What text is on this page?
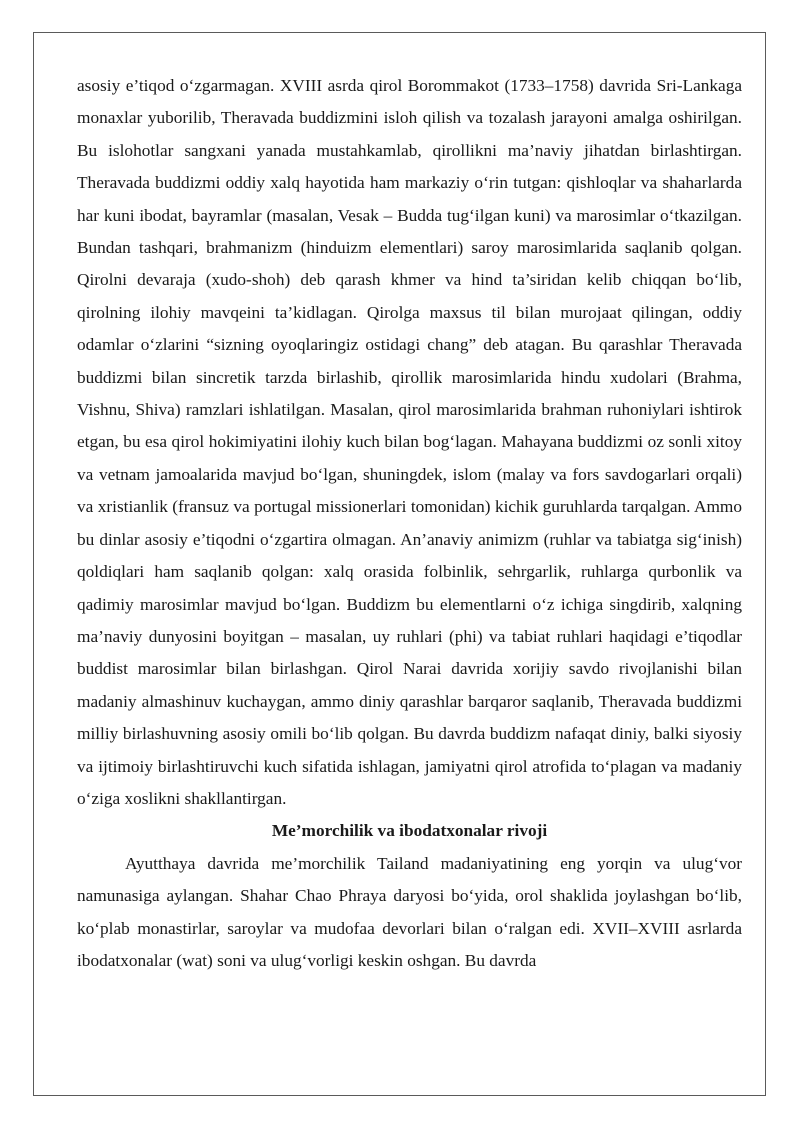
asosiy e’tiqod o‘zgarmagan. XVIII asrda qirol Borommakot (1733–1758) davrida Sri-Lankaga monaxlar yuborilib, Theravada buddizmini isloh qilish va tozalash jarayoni amalga oshirilgan. Bu islohotlar sangxani yanada mustahkamlab, qirollikni ma’naviy jihatdan birlashtirgan. Theravada buddizmi oddiy xalq hayotida ham markaziy o‘rin tutgan: qishloqlar va shaharlarda har kuni ibodat, bayramlar (masalan, Vesak – Budda tug‘ilgan kuni) va marosimlar o‘tkazilgan. Bundan tashqari, brahmanizm (hinduizm elementlari) saroy marosimlarida saqlanib qolgan. Qirolni devaraja (xudo-shoh) deb qarash khmer va hind ta’siridan kelib chiqqan bo‘lib, qirolning ilohiy mavqeini ta’kidlagan. Qirolga maxsus til bilan murojaat qilingan, oddiy odamlar o‘zlarini “sizning oyoqlaringiz ostidagi chang” deb atagan. Bu qarashlar Theravada buddizmi bilan sincretik tarzda birlashib, qirollik marosimlarida hindu xudolari (Brahma, Vishnu, Shiva) ramzlari ishlatilgan. Masalan, qirol marosimlarida brahman ruhoniylari ishtirok etgan, bu esa qirol hokimiyatini ilohiy kuch bilan bog‘lagan. Mahayana buddizmi oz sonli xitoy va vetnam jamoalarida mavjud bo‘lgan, shuningdek, islom (malay va fors savdogarlari orqali) va xristianlik (fransuz va portugal missionerlari tomonidan) kichik guruhlarda tarqalgan. Ammo bu dinlar asosiy e’tiqodni o‘zgartira olmagan. An’anaviy animizm (ruhlar va tabiatga sig‘inish) qoldiqlari ham saqlanib qolgan: xalq orasida folbinlik, sehrgarlik, ruhlarga qurbonlik va qadimiy marosimlar mavjud bo‘lgan. Buddizm bu elementlarni o‘z ichiga singdirib, xalqning ma’naviy dunyosini boyitgan – masalan, uy ruhlari (phi) va tabiat ruhlari haqidagi e’tiqodlar buddist marosimlar bilan birlashgan. Qirol Narai davrida xorijiy savdo rivojlanishi bilan madaniy almashinuv kuchaygan, ammo diniy qarashlar barqaror saqlanib, Theravada buddizmi milliy birlashuvning asosiy omili bo‘lib qolgan. Bu davrda buddizm nafaqat diniy, balki siyosiy va ijtimoiy birlashtiruvchi kuch sifatida ishlagan, jamiyatni qirol atrofida to‘plagan va madaniy o‘ziga xoslikni shakllantirgan.

Me’morchilik va ibodatxonalar rivoji

Ayutthaya davrida me’morchilik Tailand madaniyatining eng yorqin va ulug‘vor namunasiga aylangan. Shahar Chao Phraya daryosi bo‘yida, orol shaklida joylashgan bo‘lib, ko‘plab monastirlar, saroylar va mudofaa devorlari bilan o‘ralgan edi. XVII–XVIII asrlarda ibodatxonalar (wat) soni va ulug‘vorligi keskin oshgan. Bu davrda
